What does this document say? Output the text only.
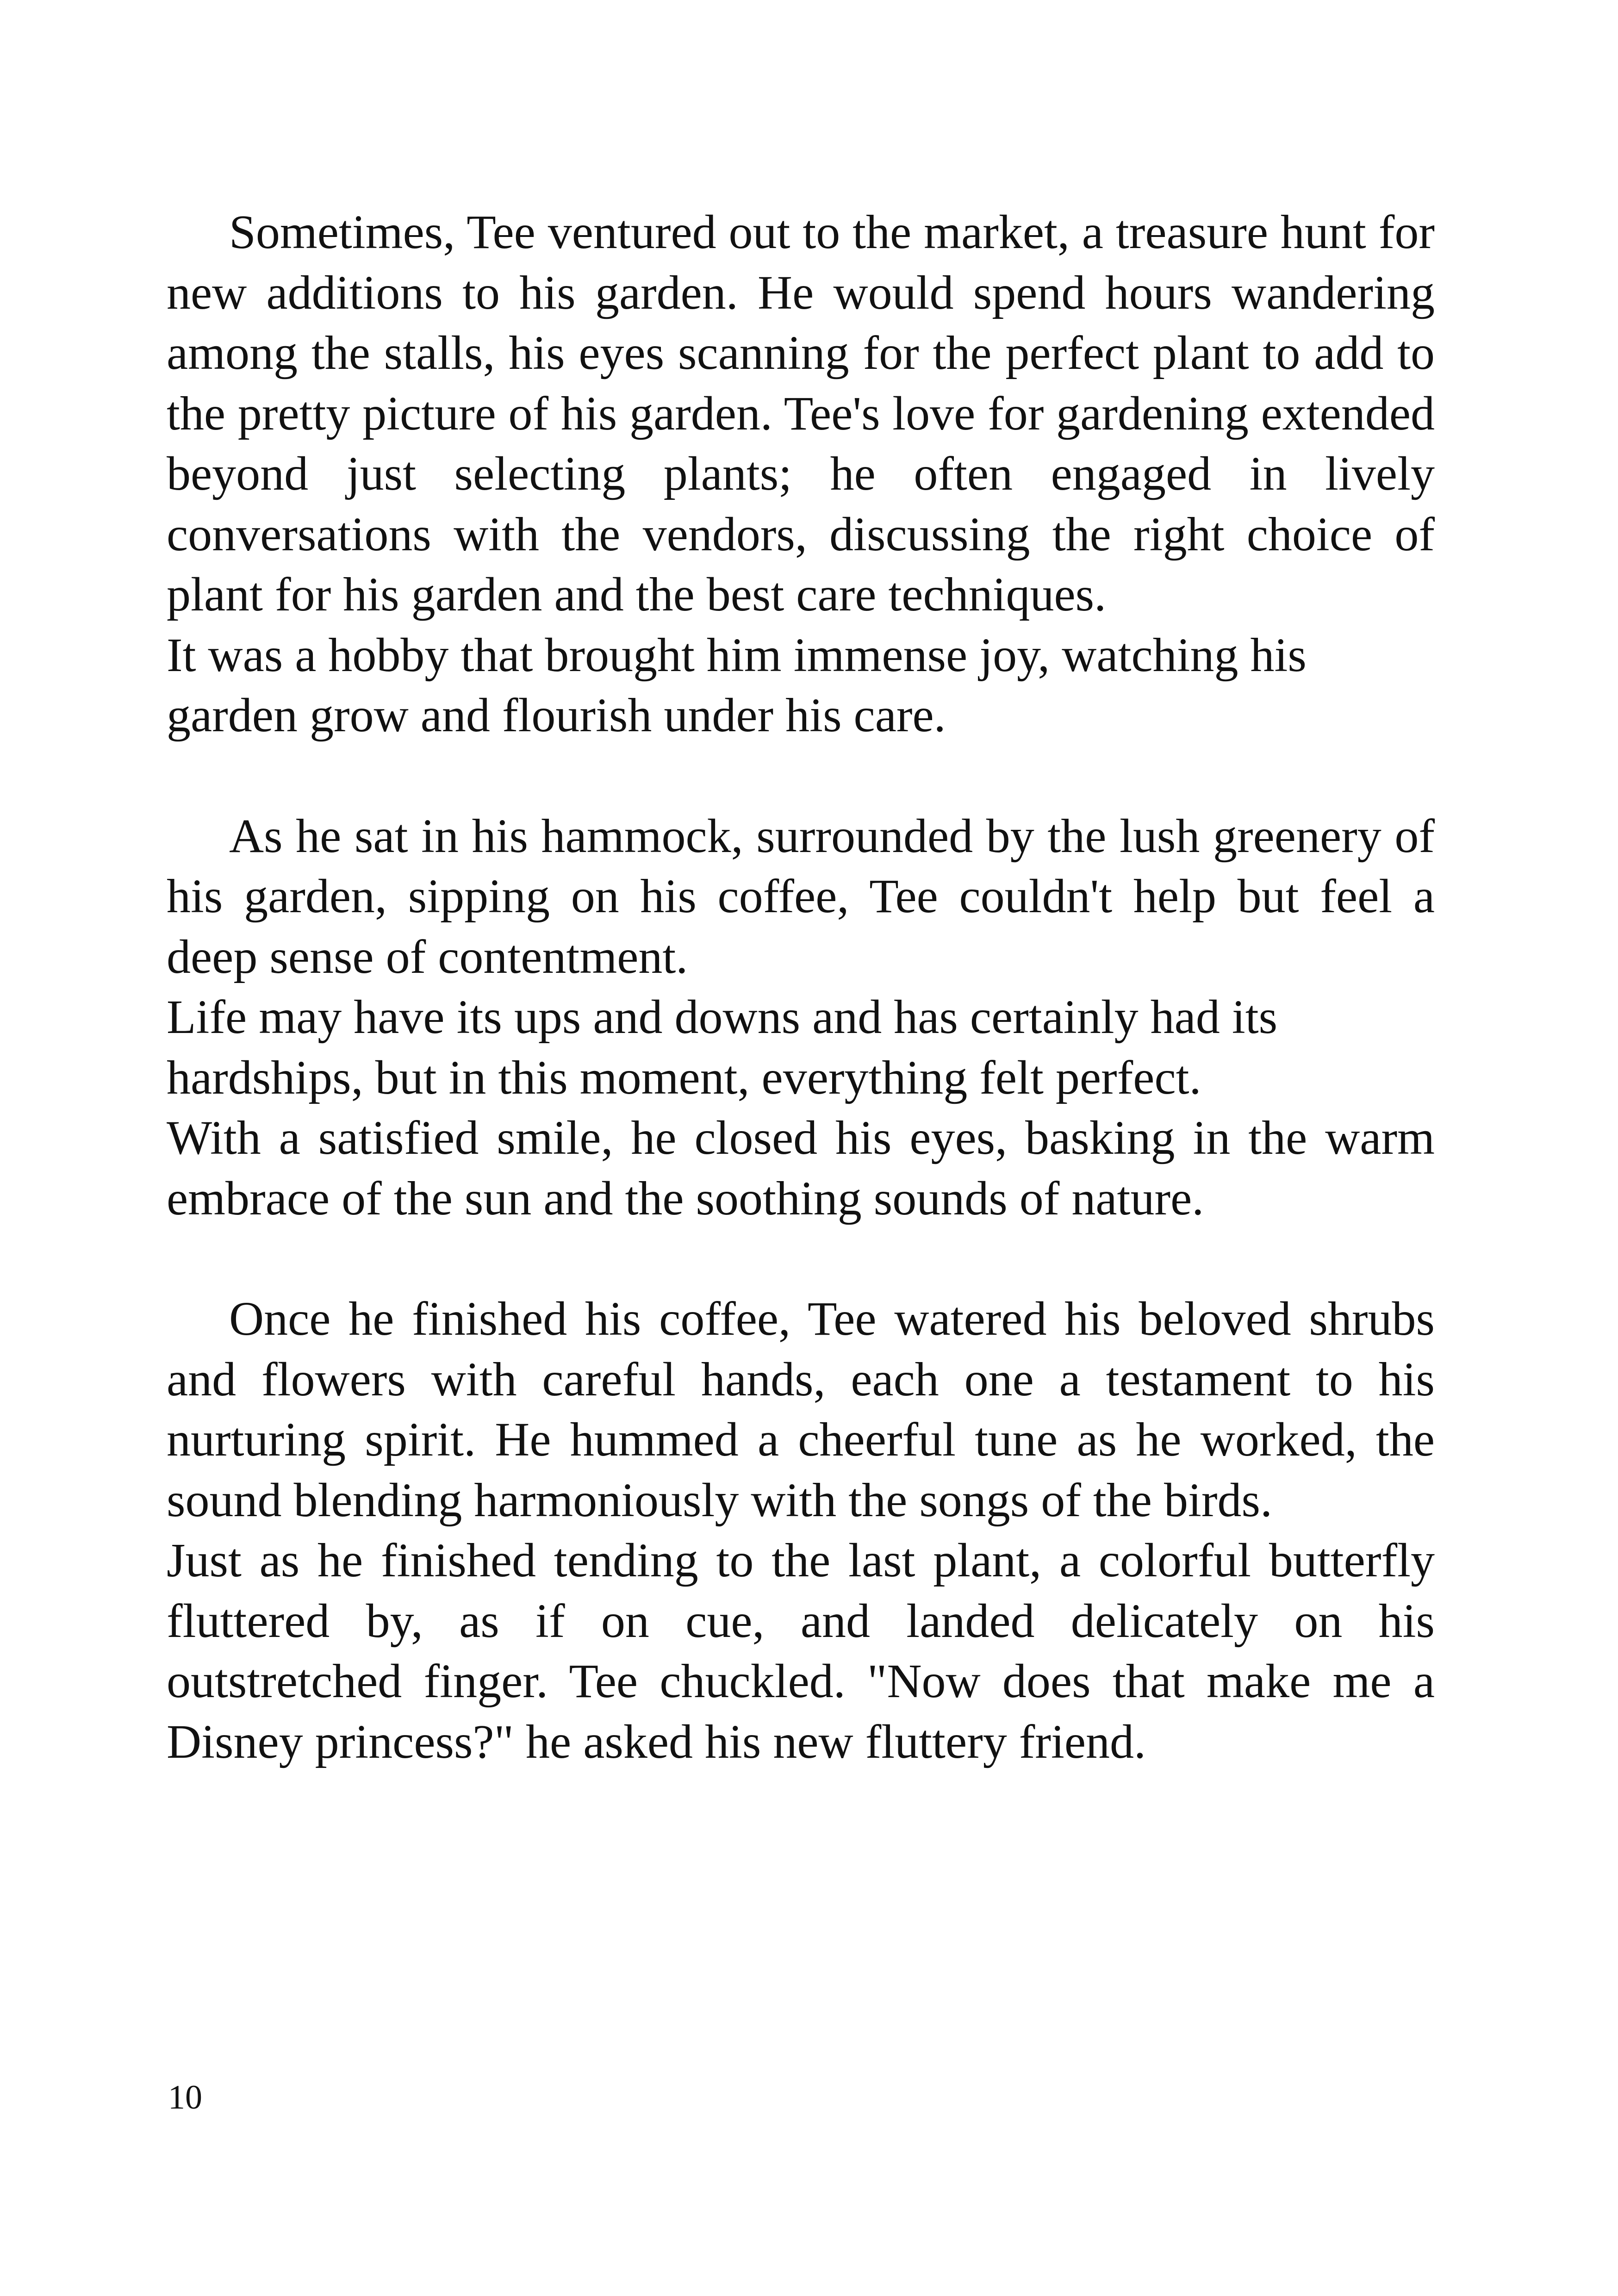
Sometimes, Tee ventured out to the market, a treasure hunt for new additions to his garden. He would spend hours wandering among the stalls, his eyes scanning for the perfect plant to add to the pretty picture of his garden. Tee's love for gardening extended beyond just selecting plants; he often engaged in lively conversations with the vendors, discussing the right choice of plant for his garden and the best care techniques.

It was a hobby that brought him immense joy, watching his garden grow and flourish under his care.

As he sat in his hammock, surrounded by the lush greenery of his garden, sipping on his coffee, Tee couldn't help but feel a deep sense of contentment.

Life may have its ups and downs and has certainly had its hardships, but in this moment, everything felt perfect.

With a satisfied smile, he closed his eyes, basking in the warm embrace of the sun and the soothing sounds of nature.

Once he finished his coffee, Tee watered his beloved shrubs and flowers with careful hands, each one a testament to his nurturing spirit. He hummed a cheerful tune as he worked, the sound blending harmoniously with the songs of the birds.

Just as he finished tending to the last plant, a colorful butterfly fluttered by, as if on cue, and landed delicately on his outstretched finger. Tee chuckled. "Now does that make me a Disney princess?" he asked his new fluttery friend.

10
